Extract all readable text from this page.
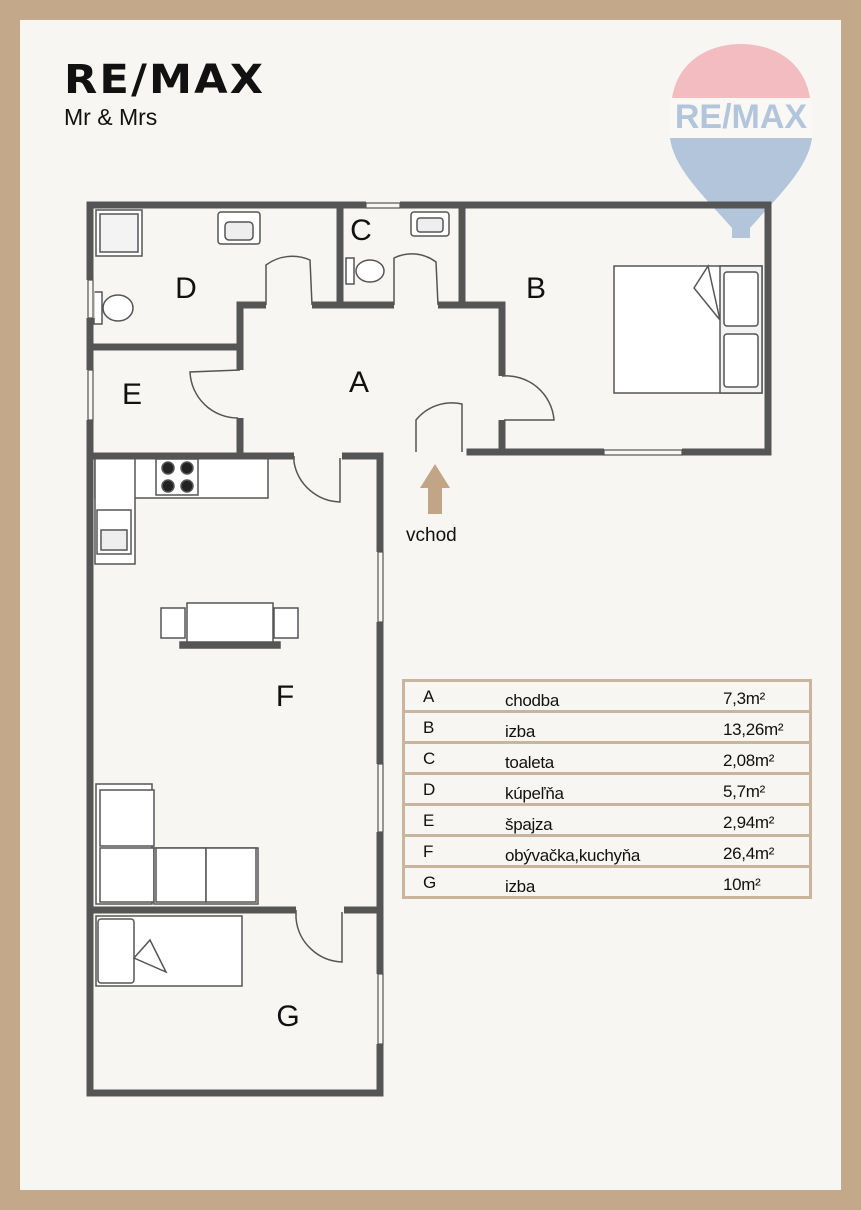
RE/MAX
Mr & Mrs	RE/MAX
vchod
A
B
C
D
E
F
G
A	chodba	7,3m²
B	izba	13,26m²
C	toaleta	2,08m²
D	kúpeľňa	5,7m²
E	špajza	2,94m²
F	obývačka,kuchyňa	26,4m²
G	izba	10m²
